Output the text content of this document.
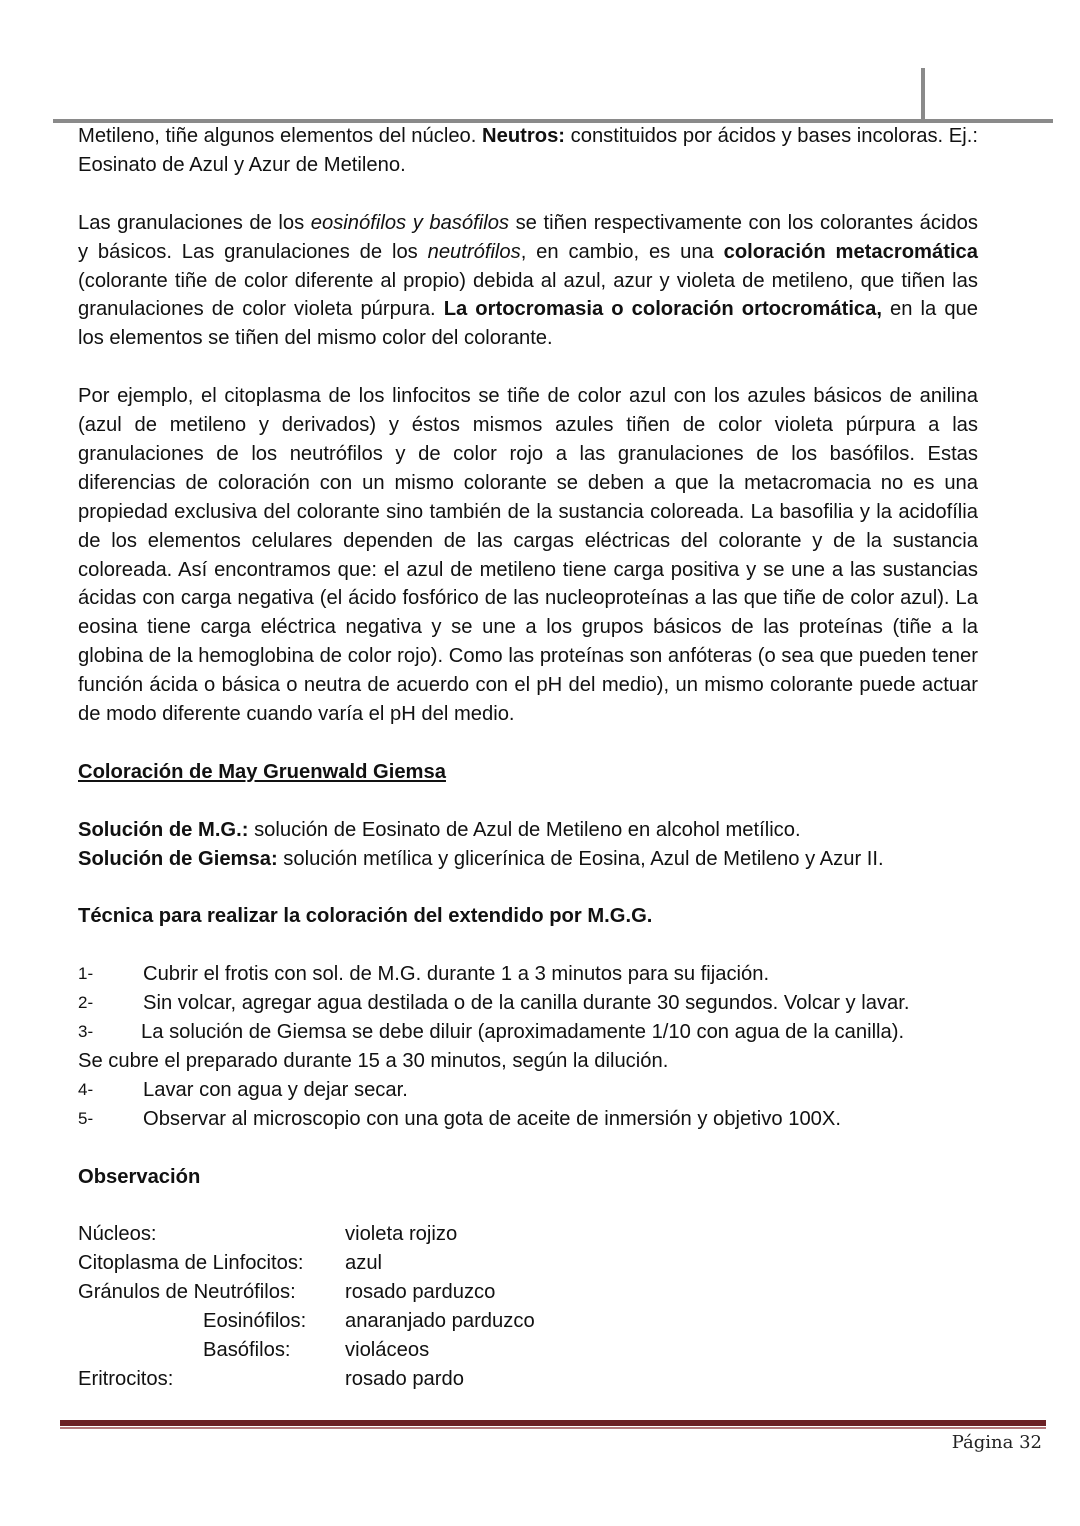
Metileno, tiñe algunos elementos del núcleo. Neutros: constituidos por ácidos y bases incoloras. Ej.: Eosinato de Azul y Azur de Metileno.

Las granulaciones de los eosinófilos y basófilos se tiñen respectivamente con los colorantes ácidos y básicos. Las granulaciones de los neutrófilos, en cambio, es una coloración metacromática (colorante tiñe de color diferente al propio) debida al azul, azur y violeta de metileno, que tiñen las granulaciones de color violeta púrpura. La ortocromasia o coloración ortocromática, en la que los elementos se tiñen del mismo color del colorante.

Por ejemplo, el citoplasma de los linfocitos se tiñe de color azul con los azules básicos de anilina (azul de metileno y derivados) y éstos mismos azules tiñen de color violeta púrpura a las granulaciones de los neutrófilos y de color rojo a las granulaciones de los basófilos. Estas diferencias de coloración con un mismo colorante se deben a que la metacromacia no es una propiedad exclusiva del colorante sino también de la sustancia coloreada. La basofilia y la acidofília de los elementos celulares dependen de las cargas eléctricas del colorante y de la sustancia coloreada. Así encontramos que: el azul de metileno tiene carga positiva y se une a las sustancias ácidas con carga negativa (el ácido fosfórico de las nucleoproteínas a las que tiñe de color azul). La eosina tiene carga eléctrica negativa y se une a los grupos básicos de las proteínas (tiñe a la globina de la hemoglobina de color rojo). Como las proteínas son anfóteras (o sea que pueden tener función ácida o básica o neutra de acuerdo con el pH del medio), un mismo colorante puede actuar de modo diferente cuando varía el pH del medio.

Coloración de May Gruenwald Giemsa
Solución de M.G.: solución de Eosinato de Azul de Metileno en alcohol metílico.
Solución de Giemsa: solución metílica y glicerínica de Eosina, Azul de Metileno y Azur II.
Técnica para realizar la coloración del extendido por M.G.G.
1-	Cubrir el frotis con sol. de M.G. durante 1 a 3 minutos para su fijación.
2-	Sin volcar, agregar agua destilada o de la canilla durante 30 segundos. Volcar y lavar.
3-	La solución de Giemsa se debe diluir (aproximadamente 1/10 con agua de la canilla).
Se cubre el preparado durante 15 a 30 minutos, según la dilución.
4-	Lavar con agua y dejar secar.
5-	Observar al microscopio con una gota de aceite de inmersión y objetivo 100X.
Observación
Núcleos:	violeta rojizo
Citoplasma de Linfocitos:	azul
Gránulos de Neutrófilos:	rosado parduzco
Eosinófilos:	anaranjado parduzco
Basófilos:	violáceos
Eritrocitos:	rosado pardo
Página 32
